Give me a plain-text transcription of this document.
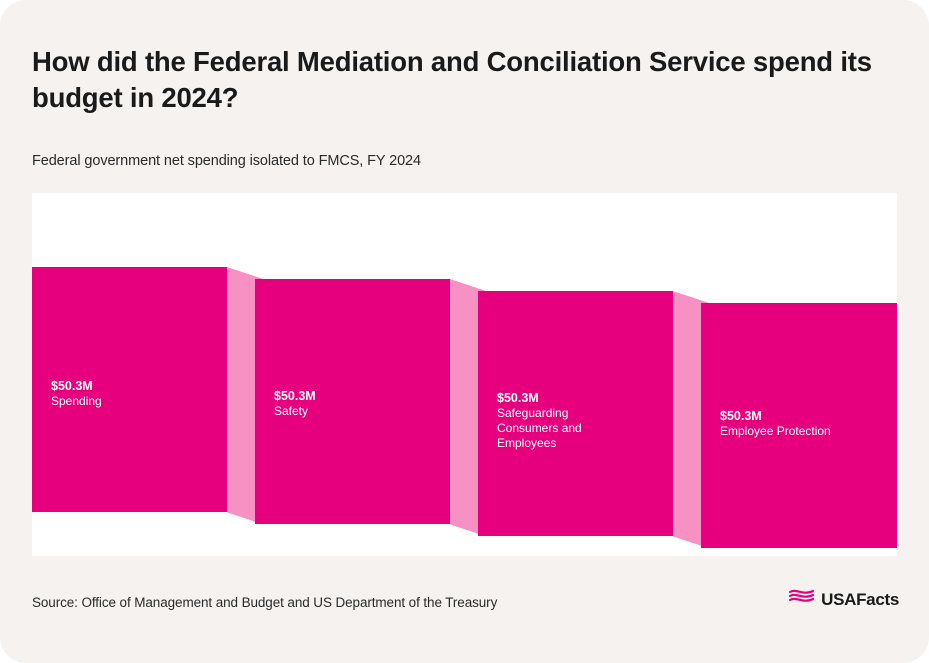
How did the Federal Mediation and Conciliation Service spend its budget in 2024?
Federal government net spending isolated to FMCS, FY 2024
$50.3M
Spending	$50.3M
Safety
$50.3M
Safeguarding Consumers and Employees
$50.3M
Employee Protection
Source: Office of Management and Budget and US Department of the Treasury	USAFacts
